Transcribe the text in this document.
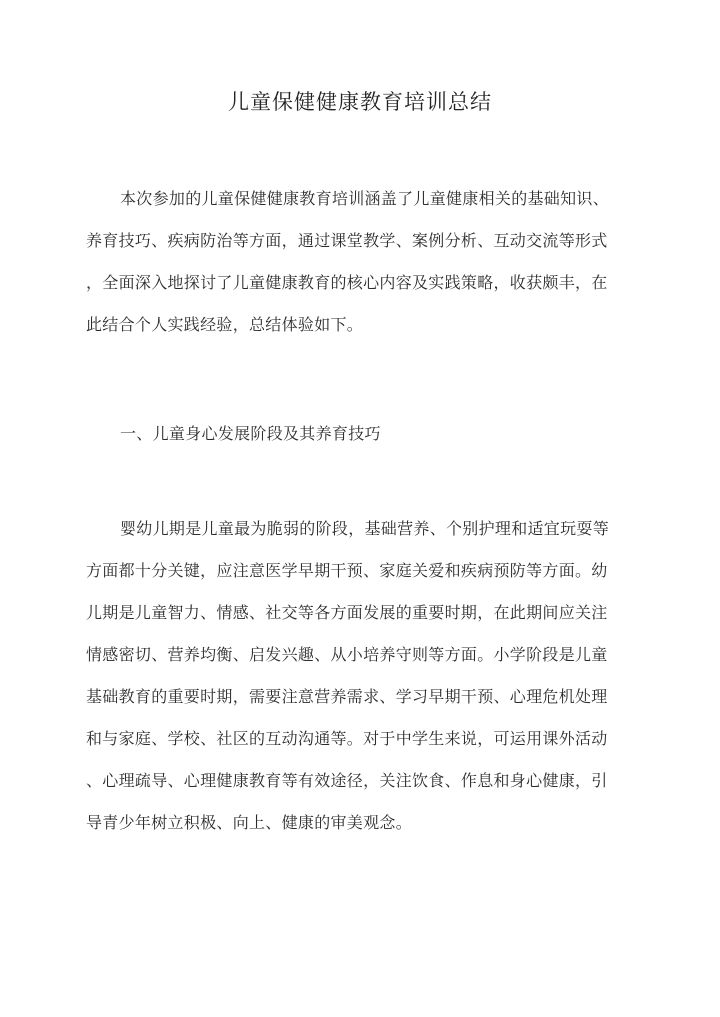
儿童保健健康教育培训总结
本次参加的儿童保健健康教育培训涵盖了儿童健康相关的基础知识、
养育技巧、疾病防治等方面，通过课堂教学、案例分析、互动交流等形式
，全面深入地探讨了儿童健康教育的核心内容及实践策略，收获颇丰，在
此结合个人实践经验，总结体验如下。
一、儿童身心发展阶段及其养育技巧
婴幼儿期是儿童最为脆弱的阶段，基础营养、个别护理和适宜玩耍等
方面都十分关键，应注意医学早期干预、家庭关爱和疾病预防等方面。幼
儿期是儿童智力、情感、社交等各方面发展的重要时期，在此期间应关注
情感密切、营养均衡、启发兴趣、从小培养守则等方面。小学阶段是儿童
基础教育的重要时期，需要注意营养需求、学习早期干预、心理危机处理
和与家庭、学校、社区的互动沟通等。对于中学生来说，可运用课外活动
、心理疏导、心理健康教育等有效途径，关注饮食、作息和身心健康，引
导青少年树立积极、向上、健康的审美观念。
